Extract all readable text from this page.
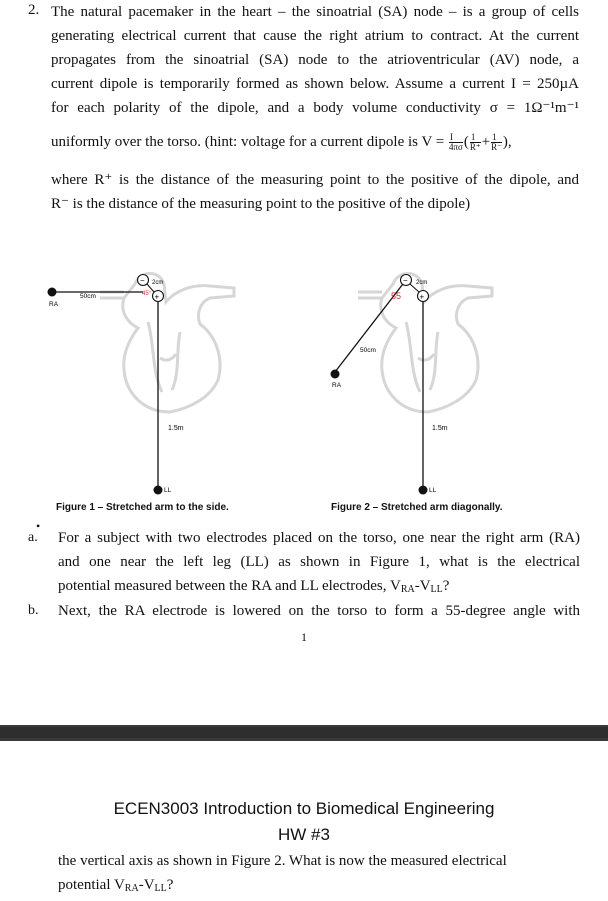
2. The natural pacemaker in the heart – the sinoatrial (SA) node – is a group of cells
generating electrical current that cause the right atrium to contract. At the current
propagates from the sinoatrial (SA) node to the atrioventricular (AV) node, a
current dipole is temporarily formed as shown below. Assume a current I = 250µA
for each polarity of the dipole, and a body volume conductivity σ = 1Ω⁻¹m⁻¹
uniformly over the torso. (hint: voltage for a current dipole is $V = \frac{I}{4\pi\sigma}$ ( $\frac{1}{R^+} + \frac{1}{R^-}$ ),
where R⁺ is the distance of the measuring point to the positive of the dipole, and
R⁻ is the distance of the measuring point to the positive of the dipole)
RA
50cm
−
+
2cm
45°
1.5m
LL
Figure 1 – Stretched arm to the side.
RA
50cm
−
+
2cm
55
1.5m
LL
Figure 2 – Stretched arm diagonally.
•
a. For a subject with two electrodes placed on the torso, one near the right arm (RA)
and one near the left leg (LL) as shown in Figure 1, what is the electrical
potential measured between the RA and LL electrodes, $V_{RA}-V_{LL}$?
b. Next, the RA electrode is lowered on the torso to form a 55-degree angle with
1
ECEN3003 Introduction to Biomedical Engineering
HW #3
the vertical axis as shown in Figure 2. What is now the measured electrical
potential $V_{RA}-V_{LL}$?
